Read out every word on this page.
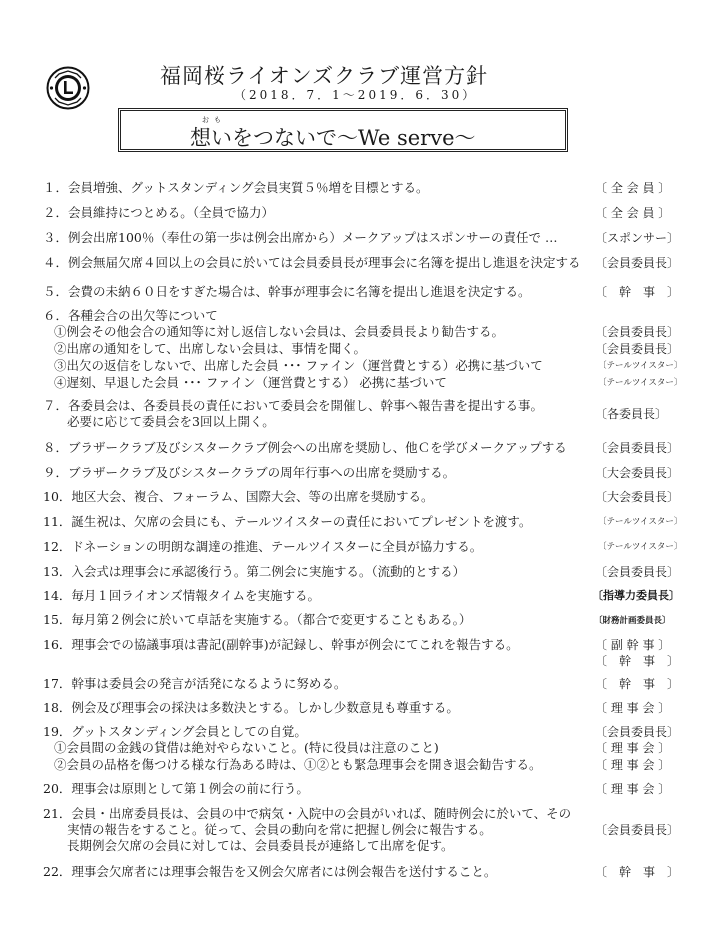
福岡桜ライオンズクラブ運営方針
（2018．7．1～2019．6．30）
おも
想いをつないで～We serve～
１．会員増強、グットスタンディング会員実質５％増を目標とする。	〔 全 会 員 〕
２．会員維持につとめる。（全員で協力）	〔 全 会 員 〕
３．例会出席100％（奉仕の第一歩は例会出席から）メークアップはスポンサーの責任で …	〔スポンサー〕
４．例会無届欠席４回以上の会員に於いては会員委員長が理事会に名簿を提出し進退を決定する	〔会員委員長〕
５．会費の未納６０日をすぎた場合は、幹事が理事会に名簿を提出し進退を決定する。	〔　幹　事　〕
６．各種会合の出欠等について
①例会その他会合の通知等に対し返信しない会員は、会員委員長より勧告する。	〔会員委員長〕
②出席の通知をして、出席しない会員は、事情を聞く。	〔会員委員長〕
③出欠の返信をしないで、出席した会員 ･･･ ファイン（運営費とする）必携に基づいて	〔テールツイスター〕
④遅刻、早退した会員 ･･･ ファイン（運営費とする） 必携に基づいて	〔テールツイスター〕
７．各委員会は、各委員長の責任において委員会を開催し、幹事へ報告書を提出する事。
〔各委員長〕
必要に応じて委員会を3回以上開く。
８．ブラザークラブ及びシスタークラブ例会への出席を奨励し、他Ｃを学びメークアップする	〔会員委員長〕
９．ブラザークラブ及びシスタークラブの周年行事への出席を奨励する。	〔大会委員長〕
10．地区大会、複合、フォーラム、国際大会、等の出席を奨励する。	〔大会委員長〕
11．誕生祝は、欠席の会員にも、テールツイスターの責任においてプレゼントを渡す。	〔テールツイスター〕
12．ドネーションの明朗な調達の推進、テールツイスターに全員が協力する。	〔テールツイスター〕
13．入会式は理事会に承認後行う。第二例会に実施する。（流動的とする）	〔会員委員長〕
14．毎月１回ライオンズ情報タイムを実施する。	〔指導力委員長〕
15．毎月第２例会に於いて卓話を実施する。（都合で変更することもある。）	〔財務計画委員長〕
16．理事会での協議事項は書記(副幹事)が記録し、幹事が例会にてこれを報告する。	〔 副 幹 事 〕
〔　幹　事　〕
17．幹事は委員会の発言が活発になるように努める。	〔　幹　事　〕
18．例会及び理事会の採決は多数決とする。しかし少数意見も尊重する。	〔 理 事 会 〕
19．グットスタンディング会員としての自覚。	〔会員委員長〕
①会員間の金銭の貸借は絶対やらないこと。(特に役員は注意のこと)	〔 理 事 会 〕
②会員の品格を傷つける様な行為ある時は、①②とも緊急理事会を開き退会勧告する。	〔 理 事 会 〕
20．理事会は原則として第１例会の前に行う。	〔 理 事 会 〕
21．会員・出席委員長は、会員の中で病気・入院中の会員がいれば、随時例会に於いて、その
実情の報告をすること。従って、会員の動向を常に把握し例会に報告する。	〔会員委員長〕
長期例会欠席の会員に対しては、会員委員長が連絡して出席を促す。
22．理事会欠席者には理事会報告を又例会欠席者には例会報告を送付すること。	〔　幹　事　〕
